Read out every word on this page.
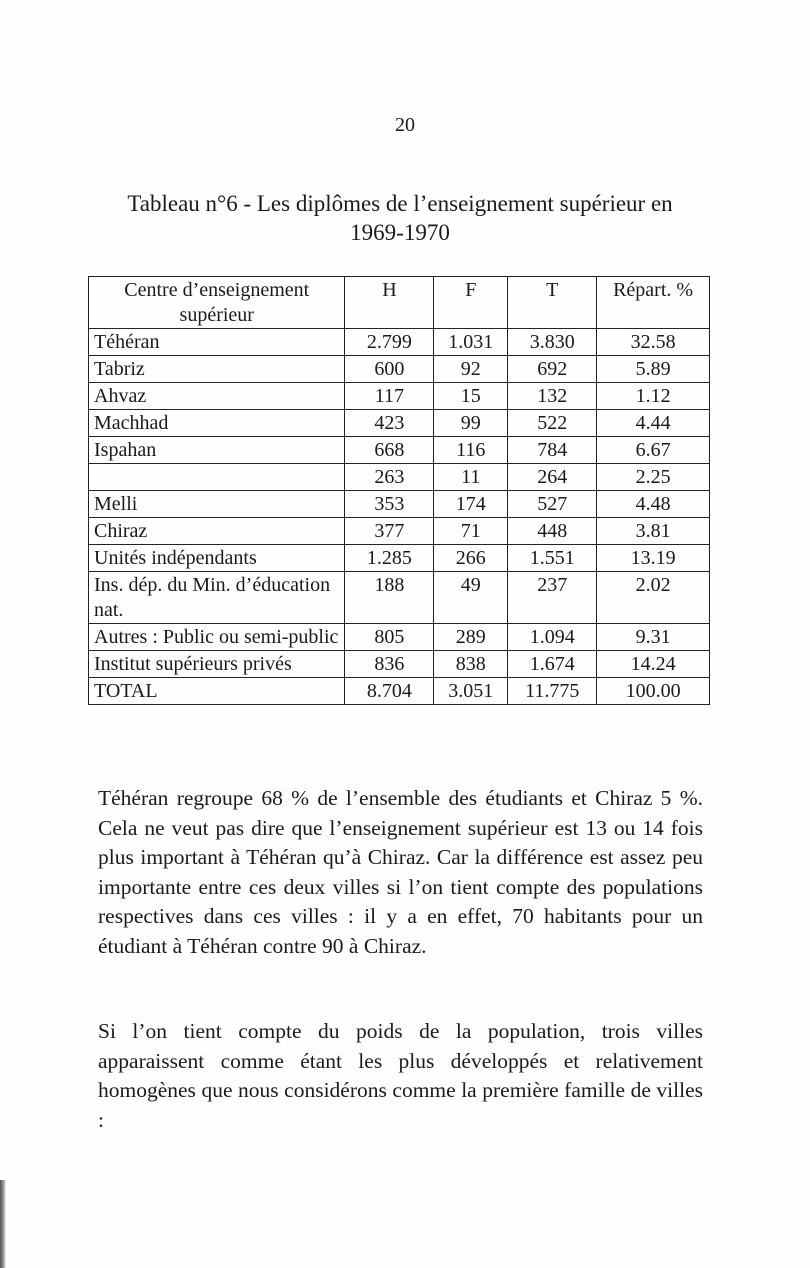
20
Tableau n°6 - Les diplômes de l’enseignement supérieur en
1969-1970
Centre d’enseignement supérieur	H	F	T	Répart. %
Téhéran	2.799	1.031	3.830	32.58
Tabriz	600	92	692	5.89
Ahvaz	117	15	132	1.12
Machhad	423	99	522	4.44
Ispahan	668	116	784	6.67
	263	11	264	2.25
Melli	353	174	527	4.48
Chiraz	377	71	448	3.81
Unités indépendants	1.285	266	1.551	13.19
Ins. dép. du Min. d’éducation nat.	188	49	237	2.02
Autres : Public ou semi-public	805	289	1.094	9.31
Institut supérieurs privés	836	838	1.674	14.24
TOTAL	8.704	3.051	11.775	100.00

Téhéran regroupe 68 % de l’ensemble des étudiants et Chiraz 5 %. Cela ne veut pas dire que l’enseignement supérieur est 13 ou 14 fois plus important à Téhéran qu’à Chiraz. Car la différence est assez peu importante entre ces deux villes si l’on tient compte des populations respectives dans ces villes : il y a en effet, 70 habitants pour un étudiant à Téhéran contre 90 à Chiraz.

Si l’on tient compte du poids de la population, trois villes apparaissent comme étant les plus développés et relativement homogènes que nous considérons comme la première famille de villes :
